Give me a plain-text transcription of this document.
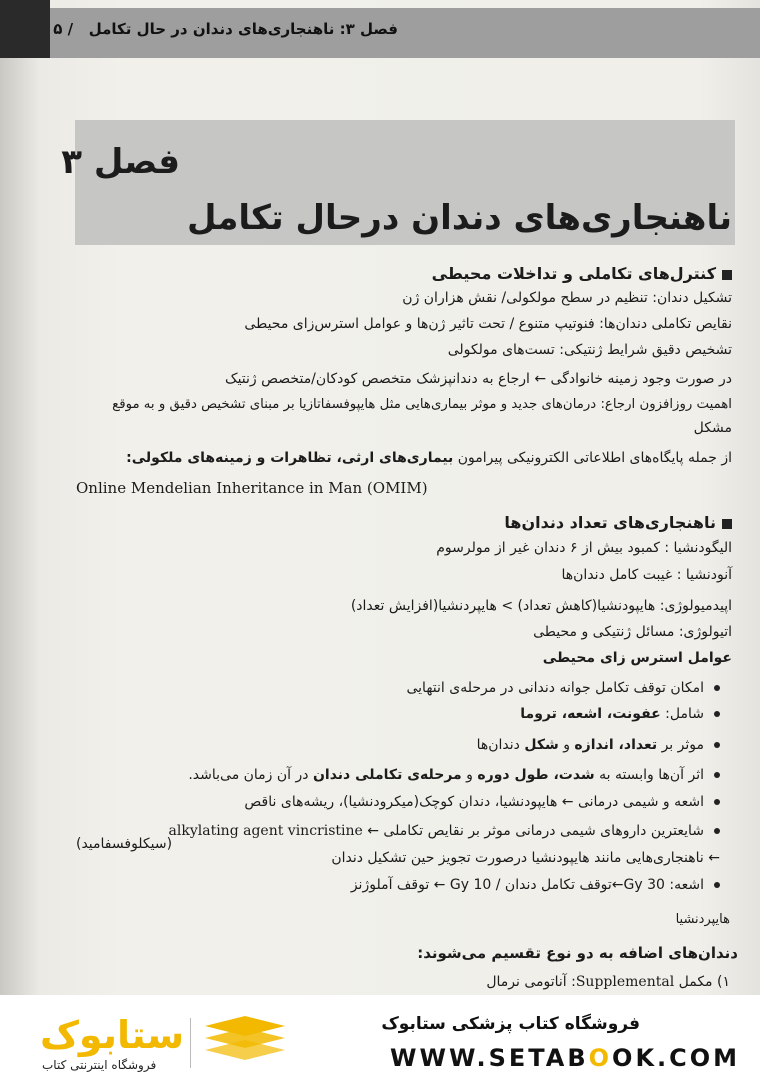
فصل ۳: ناهنجاری‌های دندان در حال تکامل   / ۵
فصل ۳
ناهنجاری‌های دندان درحال تکامل
کنترل‌های تکاملی و تداخلات محیطی
تشکیل دندان: تنظیم در سطح مولکولی/ نقش هزاران ژن
نقایص تکاملی دندان‌ها: فنوتیپ متنوع / تحت تاثیر ژن‌ها و عوامل استرس‌زای محیطی
تشخیص دقیق شرایط ژنتیکی: تست‌های مولکولی
در صورت وجود زمینه خانوادگی ← ارجاع به دندانپزشک متخصص کودکان/متخصص ژنتیک
اهمیت روزافزون ارجاع: درمان‌های جدید و موثر بیماری‌هایی مثل هایپوفسفاتازیا بر مبنای تشخیص دقیق و به موقع
مشکل
از جمله پایگاه‌های اطلاعاتی الکترونیکی پیرامون بیماری‌های ارثی، تظاهرات و زمینه‌های ملکولی:
Online Mendelian Inheritance in Man (OMIM)
ناهنجاری‌های تعداد دندان‌ها
الیگودنشیا : کمبود بیش از ۶ دندان غیر از مولرسوم
آنودنشیا : غیبت کامل دندان‌ها
اپیدمیولوژی: هایپودنشیا(کاهش تعداد) > هایپردنشیا(افزایش تعداد)
اتیولوژی: مسائل ژنتیکی و محیطی
عوامل استرس زای محیطی
امکان توقف تکامل جوانه دندانی در مرحله‌ی انتهایی
شامل: عفونت، اشعه، تروما
موثر بر تعداد، اندازه و شکل دندان‌ها
اثر آن‌ها وابسته به شدت، طول دوره و مرحله‌ی تکاملی دندان در آن زمان می‌باشد.
اشعه و شیمی درمانی ← هایپودنشیا، دندان کوچک(میکرودنشیا)، ریشه‌های ناقص
شایعترین داروهای شیمی درمانی موثر بر نقایص تکاملی ← alkylating agent vincristine
(سیکلوفسفامید)
← ناهنجاری‌هایی مانند هایپودنشیا درصورت تجویز حین تشکیل دندان
اشعه: 30 Gy←توقف تکامل دندان / 10 Gy ← توقف آملوژنز
هایپردنشیا
دندان‌های اضافه به دو نوع تقسیم می‌شوند:
۱) مکمل Supplemental: آناتومی نرمال
فروشگاه کتاب پزشکی ستابوک
WWW.SETABOOK.COM
ستابوک
فروشگاه اینترنتی کتاب
